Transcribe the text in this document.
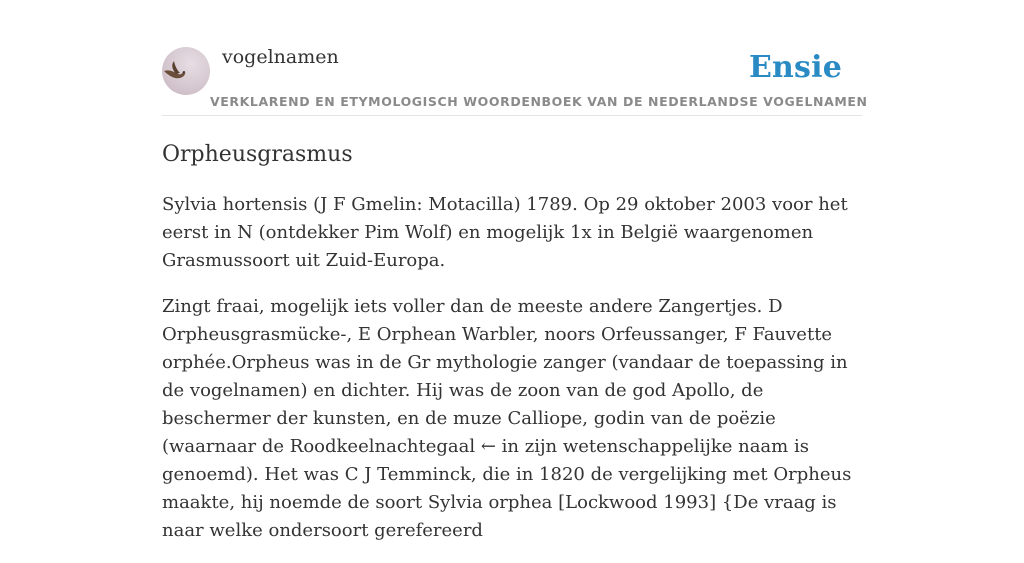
vogelnamen	Ensie
VERKLAREND EN ETYMOLOGISCH WOORDENBOEK VAN DE NEDERLANDSE VOGELNAMEN
Orpheusgrasmus

Sylvia hortensis (J F Gmelin: Motacilla) 1789. Op 29 oktober 2003 voor het eerst in N (ontdekker Pim Wolf) en mogelijk 1x in België waargenomen Grasmussoort uit Zuid-Europa.

Zingt fraai, mogelijk iets voller dan de meeste andere Zangertjes. D Orpheusgrasmücke-, E Orphean Warbler, noors Orfeussanger, F Fauvette orphée.Orpheus was in de Gr mythologie zanger (vandaar de toepassing in de vogelnamen) en dichter. Hij was de zoon van de god Apollo, de beschermer der kunsten, en de muze Calliope, godin van de poëzie (waarnaar de Roodkeelnachtegaal ← in zijn wetenschappelijke naam is genoemd). Het was C J Temminck, die in 1820 de vergelijking met Orpheus maakte, hij noemde de soort Sylvia orphea [Lockwood 1993] {De vraag is naar welke ondersoort gerefereerd
